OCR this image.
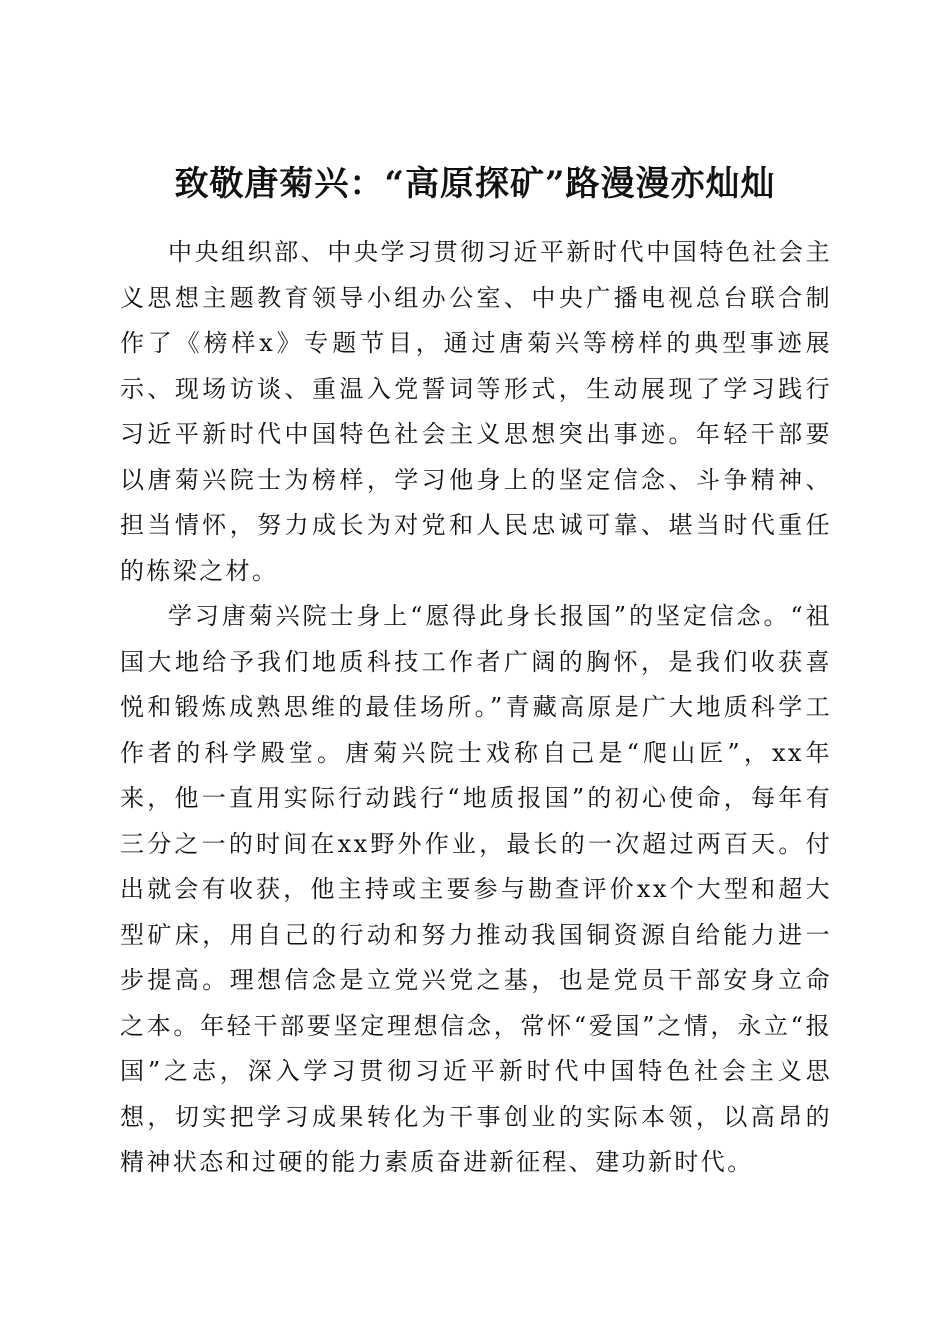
致敬唐菊兴：“高原探矿”路漫漫亦灿灿

中央组织部、中央学习贯彻习近平新时代中国特色社会主义思想主题教育领导小组办公室、中央广播电视总台联合制作了《榜样x》专题节目，通过唐菊兴等榜样的典型事迹展示、现场访谈、重温入党誓词等形式，生动展现了学习践行习近平新时代中国特色社会主义思想突出事迹。年轻干部要以唐菊兴院士为榜样，学习他身上的坚定信念、斗争精神、担当情怀，努力成长为对党和人民忠诚可靠、堪当时代重任的栋梁之材。

学习唐菊兴院士身上“愿得此身长报国”的坚定信念。“祖国大地给予我们地质科技工作者广阔的胸怀，是我们收获喜悦和锻炼成熟思维的最佳场所。”青藏高原是广大地质科学工作者的科学殿堂。唐菊兴院士戏称自己是“爬山匠”，xx年来，他一直用实际行动践行“地质报国”的初心使命，每年有三分之一的时间在xx野外作业，最长的一次超过两百天。付出就会有收获，他主持或主要参与勘查评价xx个大型和超大型矿床，用自己的行动和努力推动我国铜资源自给能力进一步提高。理想信念是立党兴党之基，也是党员干部安身立命之本。年轻干部要坚定理想信念，常怀“爱国”之情，永立“报国”之志，深入学习贯彻习近平新时代中国特色社会主义思想，切实把学习成果转化为干事创业的实际本领，以高昂的精神状态和过硬的能力素质奋进新征程、建功新时代。
